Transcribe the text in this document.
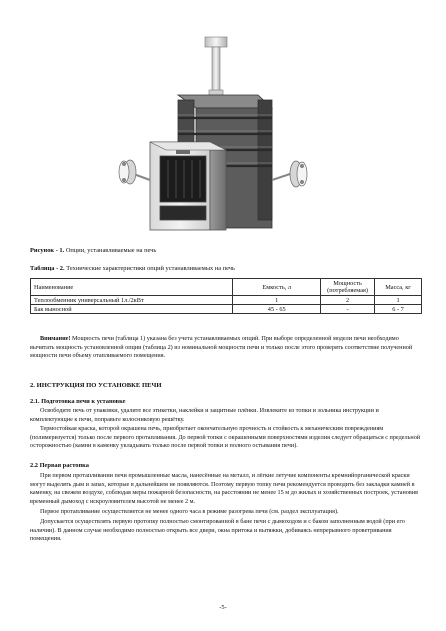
Рисунок - 1. Опции, устанавливаемые на печь
Таблица - 2. Технические характеристики опций устанавливаемых на печь
Наименование	Емкость, л	Мощность (потребляемая)	Масса, кг
Теплообменник универсальный 1л./2кВт	1	2	1
Бак выносной	45 - 65	-	6 - 7
Внимание! Мощность печи (таблица 1) указана без учета устанавливаемых опций. При выборе определенной модели печи необходимо вычитать мощность установленной опции (таблица 2) из номинальной мощности печи и только после этого проверять соответствие полученной мощности печи объему отапливаемого помещения.
2. ИНСТРУКЦИЯ ПО УСТАНОВКЕ ПЕЧИ
2.1. Подготовка печи к установке
Освободите печь от упаковки, удалите все этикетки, наклейки и защитные плёнки. Извлеките из топки и зольника инструкции и комплектующие к печи, поправьте колосниковую решётку.
Термостойкая краска, которой окрашена печь, приобретает окончательную прочность и стойкость к механическим повреждениям (полимеризуется) только после первого протапливания. До первой топки с окрашенными поверхностями изделия следует обращаться с предельной осторожностью (камни в каменку укладывать только после первой топки и полного остывания печи).
2.2 Первая растопка
При первом протапливании печи промышленные масла, нанесённые на металл, и лёгкие летучие компоненты кремнийорганической краски могут выделять дым и запах, которые в дальнейшем не появляются. Поэтому первую топку печи рекомендуется проводить без закладки камней в каменку, на свежем воздухе, соблюдая меры пожарной безопасности, на расстоянии не менее 15 м до жилых и хозяйственных построек, установив временный дымоход с искроуловителем высотой не менее 2 м.
Первое протапливание осуществляется не менее одного часа в режиме разогрева печи (см. раздел эксплуатация).
Допускается осуществлять первую протопку полностью смонтированной в бане печи с дымоходом и с баком заполненным водой (при его наличии). В данном случае необходимо полностью открыть все двери, окна притока и вытяжки, добиваясь непрерывного проветривания помещения.
-5-
